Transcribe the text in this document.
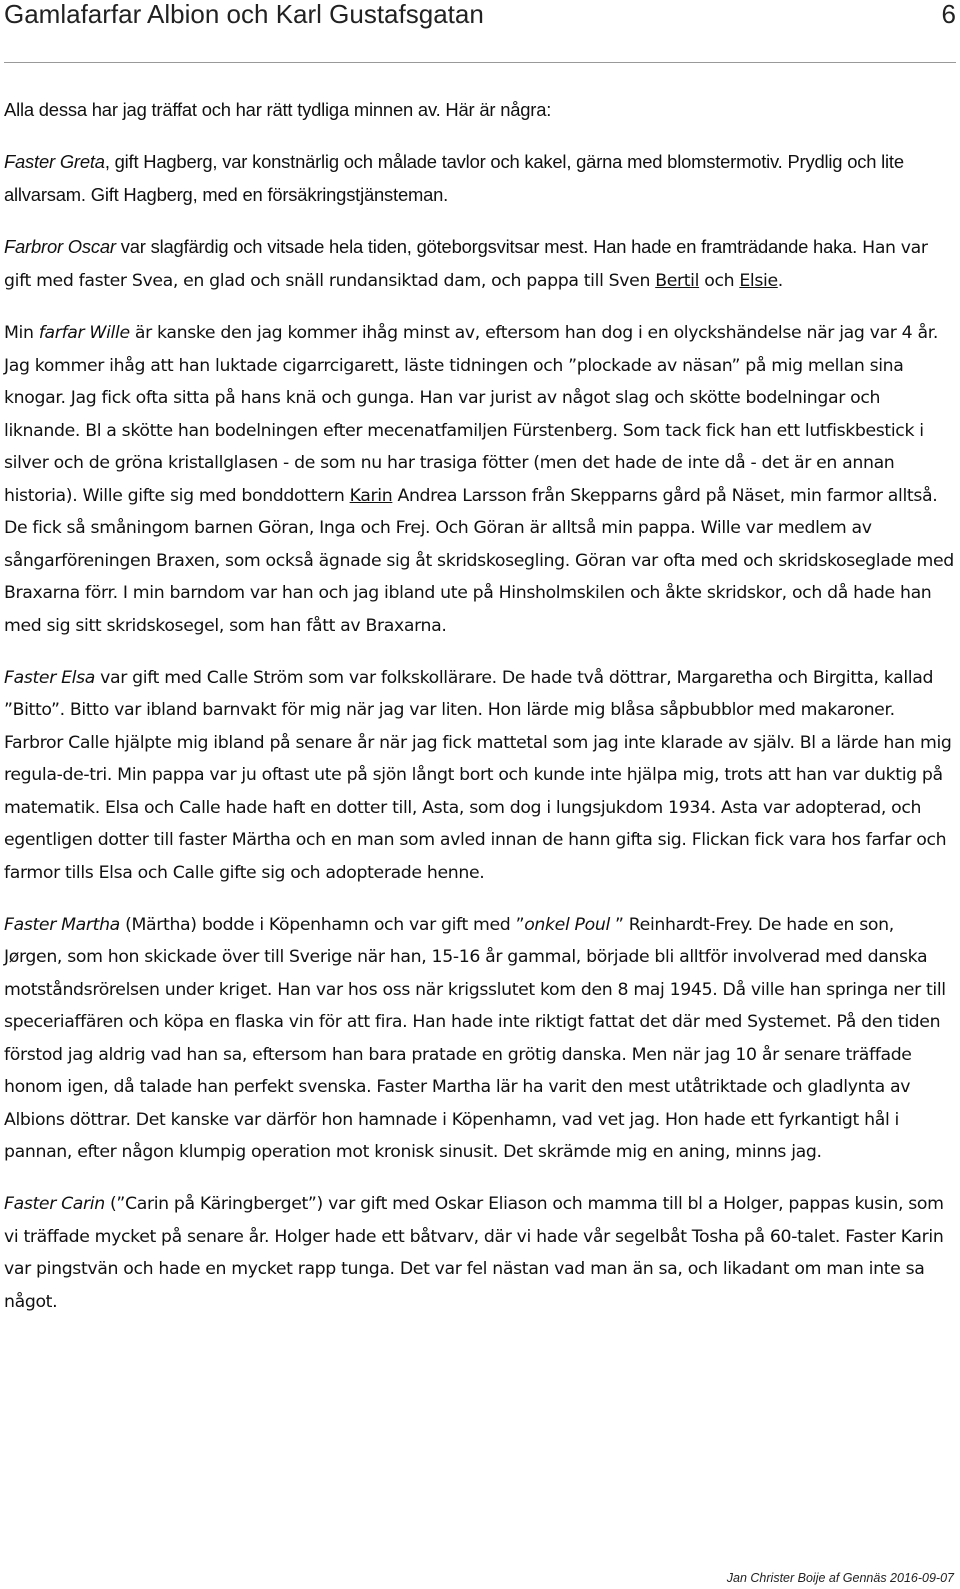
Gamlafarfar Albion och Karl Gustafsgatan	6

Alla dessa har jag träffat och har rätt tydliga minnen av. Här är några:

Faster Greta, gift Hagberg, var konstnärlig och målade tavlor och kakel, gärna med blomstermotiv. Prydlig och lite allvarsam. Gift Hagberg, med en försäkringstjänsteman.

Farbror Oscar var slagfärdig och vitsade hela tiden, göteborgsvitsar mest. Han hade en framträdande haka. Han var gift med faster Svea, en glad och snäll rundansiktad dam, och pappa till Sven Bertil och Elsie.

Min farfar Wille är kanske den jag kommer ihåg minst av, eftersom han dog i en olyckshändelse när jag var 4 år. Jag kommer ihåg att han luktade cigarrcigarett, läste tidningen och ”plockade av näsan” på mig mellan sina knogar. Jag fick ofta sitta på hans knä och gunga. Han var jurist av något slag och skötte bodelningar och liknande. Bl a skötte han bodelningen efter mecenatfamiljen Fürstenberg. Som tack fick han ett lutfiskbestick i silver och de gröna kristallglasen - de som nu har trasiga fötter (men det hade de inte då - det är en annan historia). Wille gifte sig med bonddottern Karin Andrea Larsson från Skepparns gård på Näset, min farmor alltså. De fick så småningom barnen Göran, Inga och Frej. Och Göran är alltså min pappa. Wille var medlem av sångarföreningen Braxen, som också ägnade sig åt skridskosegling. Göran var ofta med och skridskoseglade med Braxarna förr. I min barndom var han och jag ibland ute på Hinsholmskilen och åkte skridskor, och då hade han med sig sitt skridskosegel, som han fått av Braxarna.

Faster Elsa var gift med Calle Ström som var folkskollärare. De hade två döttrar, Margaretha och Birgitta, kallad ”Bitto”. Bitto var ibland barnvakt för mig när jag var liten. Hon lärde mig blåsa såpbubblor med makaroner. Farbror Calle hjälpte mig ibland på senare år när jag fick mattetal som jag inte klarade av själv. Bl a lärde han mig regula-de-tri. Min pappa var ju oftast ute på sjön långt bort och kunde inte hjälpa mig, trots att han var duktig på matematik. Elsa och Calle hade haft en dotter till, Asta, som dog i lungsjukdom 1934. Asta var adopterad, och egentligen dotter till faster Märtha och en man som avled innan de hann gifta sig. Flickan fick vara hos farfar och farmor tills Elsa och Calle gifte sig och adopterade henne.

Faster Martha (Märtha) bodde i Köpenhamn och var gift med ”onkel Poul ” Reinhardt-Frey. De hade en son, Jørgen, som hon skickade över till Sverige när han, 15-16 år gammal, började bli alltför involverad med danska motståndsrörelsen under kriget. Han var hos oss när krigsslutet kom den 8 maj 1945. Då ville han springa ner till speceriaffären och köpa en flaska vin för att fira. Han hade inte riktigt fattat det där med Systemet. På den tiden förstod jag aldrig vad han sa, eftersom han bara pratade en grötig danska. Men när jag 10 år senare träffade honom igen, då talade han perfekt svenska. Faster Martha lär ha varit den mest utåtriktade och gladlynta av Albions döttrar. Det kanske var därför hon hamnade i Köpenhamn, vad vet jag. Hon hade ett fyrkantigt hål i pannan, efter någon klumpig operation mot kronisk sinusit. Det skrämde mig en aning, minns jag.

Faster Carin (”Carin på Käringberget”) var gift med Oskar Eliason och mamma till bl a Holger, pappas kusin, som vi träffade mycket på senare år. Holger hade ett båtvarv, där vi hade vår segelbåt Tosha på 60-talet. Faster Karin var pingstvän och hade en mycket rapp tunga. Det var fel nästan vad man än sa, och likadant om man inte sa något.

Jan Christer Boije af Gennäs 2016-09-07
